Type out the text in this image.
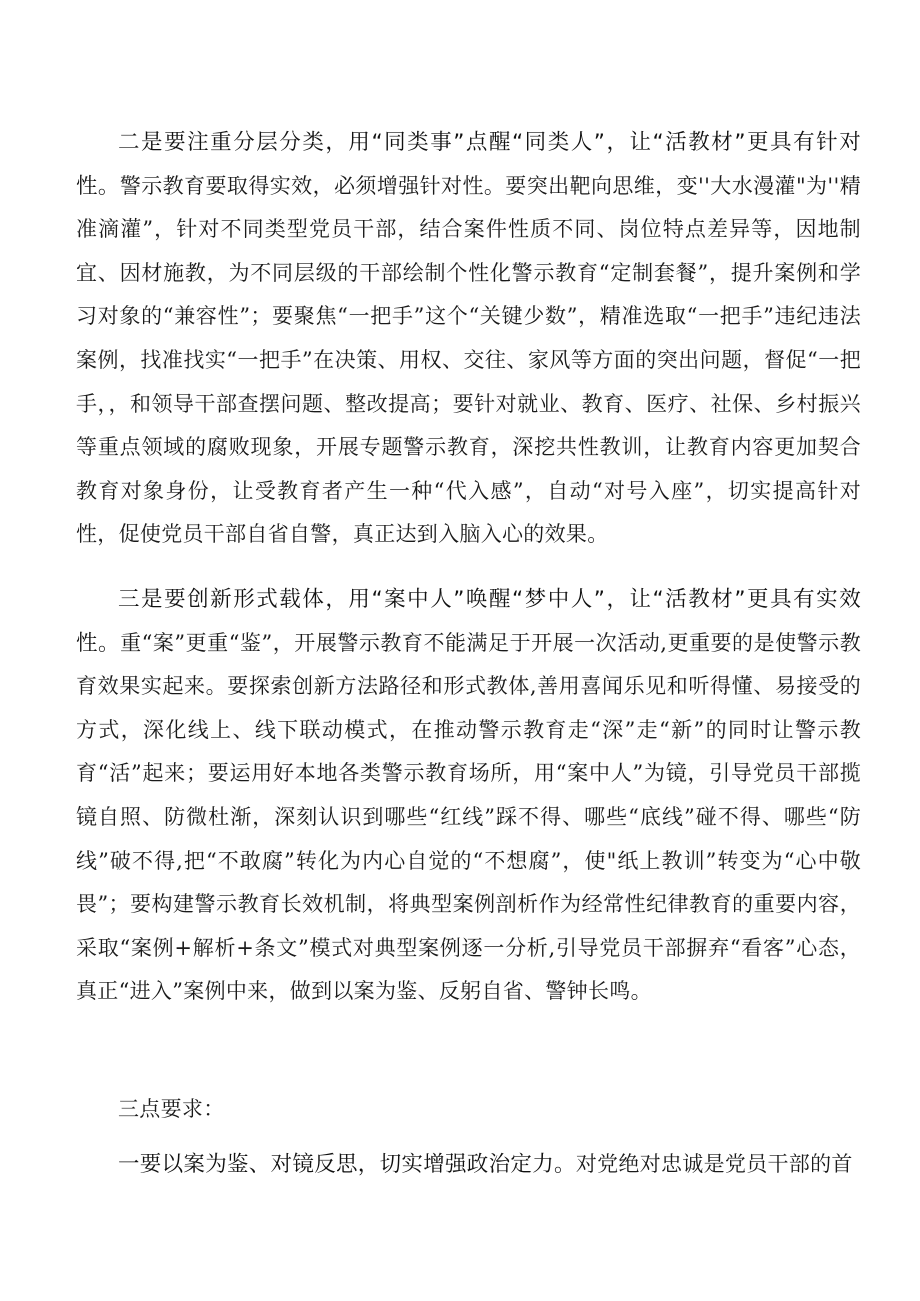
二是要注重分层分类，用“同类事”点醒“同类人”，让“活教材”更具有针对性。警示教育要取得实效，必须增强针对性。要突出靶向思维，变''大水漫灌"为''精准滴灌”，针对不同类型党员干部，结合案件性质不同、岗位特点差异等，因地制宜、因材施教，为不同层级的干部绘制个性化警示教育“定制套餐”，提升案例和学习对象的“兼容性”；要聚焦“一把手”这个“关键少数”，精准选取“一把手”违纪违法案例，找准找实“一把手”在决策、用权、交往、家风等方面的突出问题，督促“一把手，，和领导干部查摆问题、整改提高；要针对就业、教育、医疗、社保、乡村振兴等重点领域的腐败现象，开展专题警示教育，深挖共性教训，让教育内容更加契合教育对象身份，让受教育者产生一种“代入感”，自动“对号入座”，切实提高针对性，促使党员干部自省自警，真正达到入脑入心的效果。

三是要创新形式载体，用“案中人”唤醒“梦中人”，让“活教材”更具有实效性。重“案”更重“鉴”，开展警示教育不能满足于开展一次活动,更重要的是使警示教育效果实起来。要探索创新方法路径和形式教体,善用喜闻乐见和听得懂、易接受的方式，深化线上、线下联动模式，在推动警示教育走“深”走“新”的同时让警示教育“活”起来；要运用好本地各类警示教育场所，用“案中人”为镜，引导党员干部揽镜自照、防微杜渐，深刻认识到哪些“红线”踩不得、哪些“底线”碰不得、哪些“防线”破不得,把“不敢腐”转化为内心自觉的“不想腐”，使"纸上教训”转变为“心中敬畏”；要构建警示教育长效机制，将典型案例剖析作为经常性纪律教育的重要内容，采取“案例+解析+条文”模式对典型案例逐一分析,引导党员干部摒弃“看客”心态，真正“进入”案例中来，做到以案为鉴、反躬自省、警钟长鸣。

三点要求：

一要以案为鉴、对镜反思，切实增强政治定力。对党绝对忠诚是党员干部的首
